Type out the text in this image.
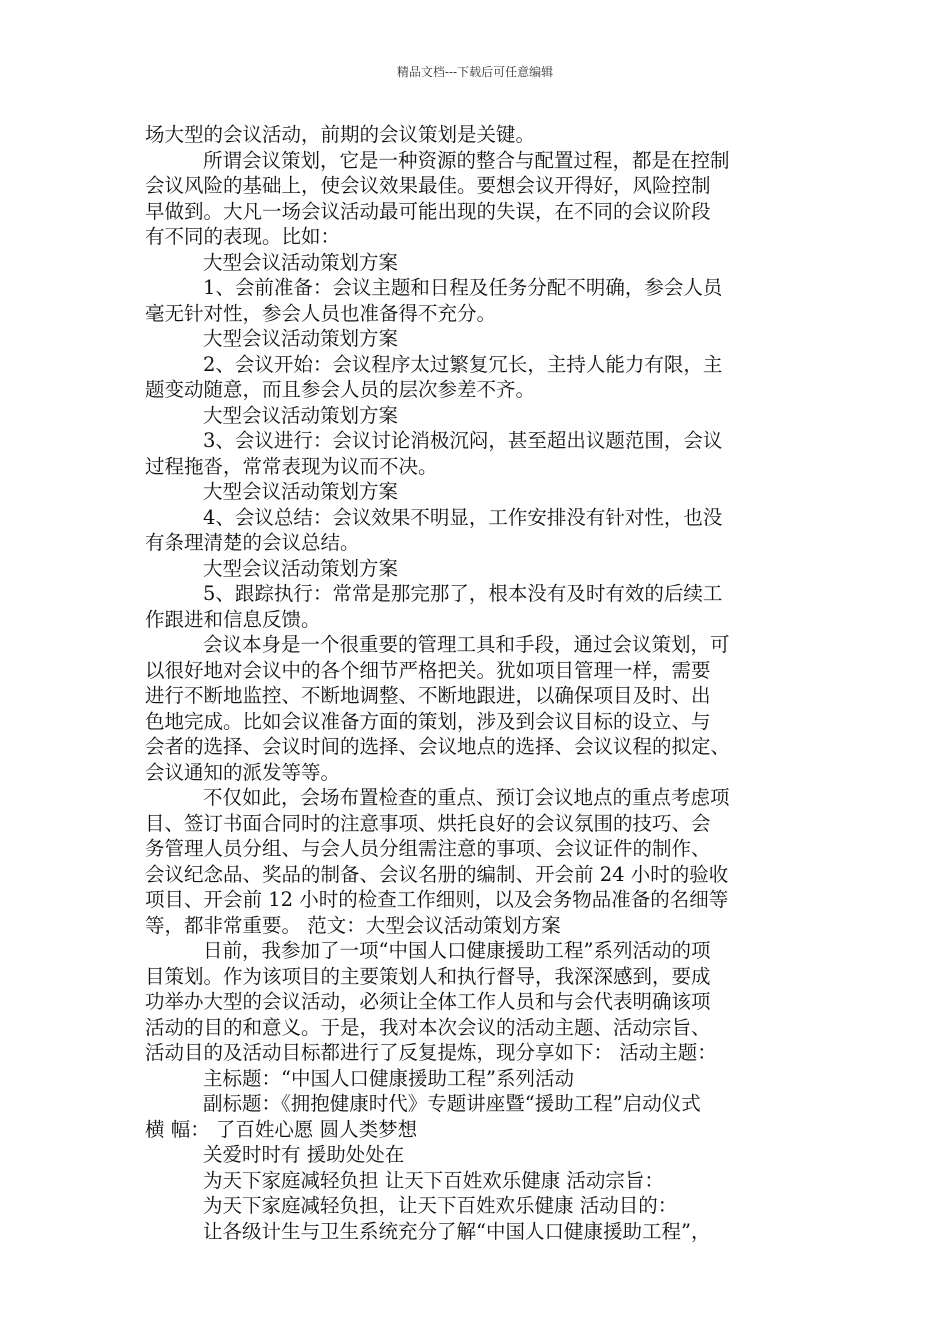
精品文档---下载后可任意编辑
场大型的会议活动，前期的会议策划是关键。
所谓会议策划，它是一种资源的整合与配置过程，都是在控制
会议风险的基础上，使会议效果最佳。要想会议开得好，风险控制
早做到。大凡一场会议活动最可能出现的失误，在不同的会议阶段
有不同的表现。比如：
大型会议活动策划方案
1、会前准备：会议主题和日程及任务分配不明确，参会人员
毫无针对性，参会人员也准备得不充分。
大型会议活动策划方案
2、会议开始：会议程序太过繁复冗长，主持人能力有限，主
题变动随意，而且参会人员的层次参差不齐。
大型会议活动策划方案
3、会议进行：会议讨论消极沉闷，甚至超出议题范围，会议
过程拖沓，常常表现为议而不决。
大型会议活动策划方案
4、会议总结：会议效果不明显，工作安排没有针对性，也没
有条理清楚的会议总结。
大型会议活动策划方案
5、跟踪执行：常常是那完那了，根本没有及时有效的后续工
作跟进和信息反馈。
会议本身是一个很重要的管理工具和手段，通过会议策划，可
以很好地对会议中的各个细节严格把关。犹如项目管理一样，需要
进行不断地监控、不断地调整、不断地跟进，以确保项目及时、出
色地完成。比如会议准备方面的策划，涉及到会议目标的设立、与
会者的选择、会议时间的选择、会议地点的选择、会议议程的拟定、
会议通知的派发等等。
不仅如此，会场布置检查的重点、预订会议地点的重点考虑项
目、签订书面合同时的注意事项、烘托良好的会议氛围的技巧、会
务管理人员分组、与会人员分组需注意的事项、会议证件的制作、
会议纪念品、奖品的制备、会议名册的编制、开会前 24 小时的验收
项目、开会前 12 小时的检查工作细则，以及会务物品准备的名细等
等，都非常重要。 范文：大型会议活动策划方案
日前，我参加了一项“中国人口健康援助工程”系列活动的项
目策划。作为该项目的主要策划人和执行督导，我深深感到，要成
功举办大型的会议活动，必须让全体工作人员和与会代表明确该项
活动的目的和意义。于是，我对本次会议的活动主题、活动宗旨、
活动目的及活动目标都进行了反复提炼，现分享如下： 活动主题：
主标题：“中国人口健康援助工程”系列活动
副标题：《拥抱健康时代》专题讲座暨“援助工程”启动仪式
横 幅： 了百姓心愿 圆人类梦想
关爱时时有 援助处处在
为天下家庭减轻负担 让天下百姓欢乐健康 活动宗旨：
为天下家庭减轻负担，让天下百姓欢乐健康 活动目的：
让各级计生与卫生系统充分了解“中国人口健康援助工程”，
